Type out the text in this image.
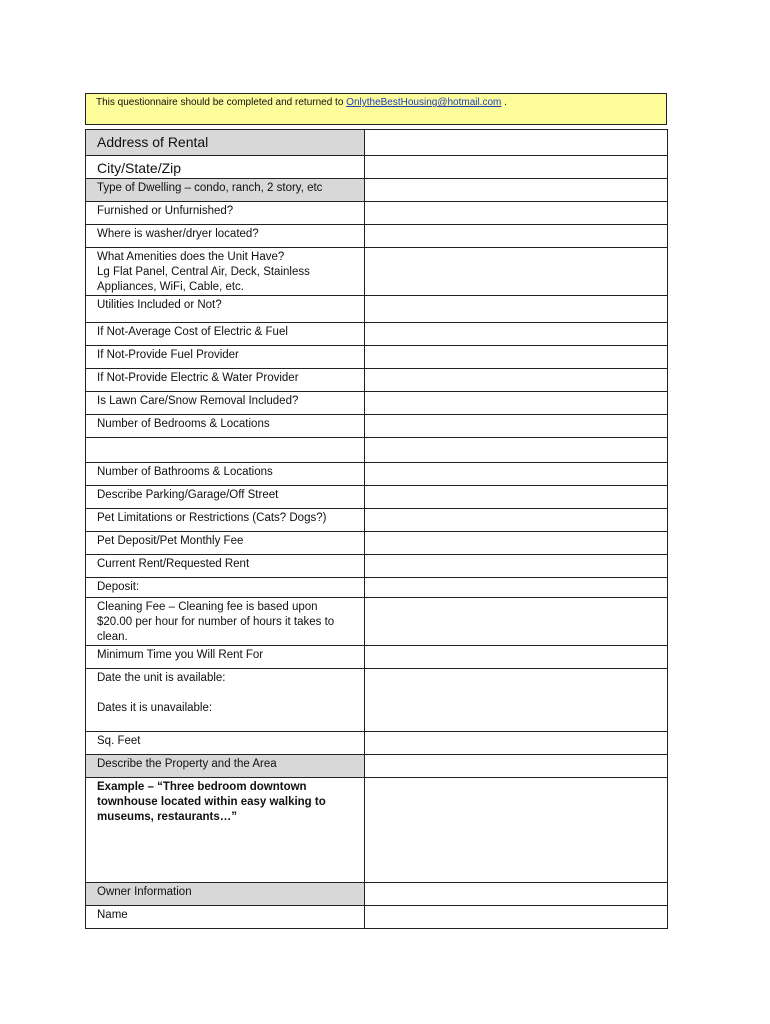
This questionnaire should be completed and returned to OnlytheBestHousing@hotmail.com .
Address of Rental	
City/State/Zip	
Type of Dwelling – condo, ranch, 2 story, etc	
Furnished or Unfurnished?	
Where is washer/dryer located?	
What Amenities does the Unit Have?
Lg Flat Panel, Central Air, Deck, Stainless Appliances, WiFi, Cable, etc.	
Utilities Included or Not?	
If Not-Average Cost of Electric & Fuel	
If Not-Provide Fuel Provider	
If Not-Provide Electric & Water Provider	
Is Lawn Care/Snow Removal Included?	
Number of Bedrooms & Locations	

Number of Bathrooms & Locations	
Describe Parking/Garage/Off Street	
Pet Limitations or Restrictions (Cats? Dogs?)	
Pet Deposit/Pet Monthly Fee	
Current Rent/Requested Rent	
Deposit:	
Cleaning Fee – Cleaning fee is based upon $20.00 per hour for number of hours it takes to clean.	
Minimum Time you Will Rent For	
Date the unit is available:

Dates it is unavailable:	
Sq. Feet	
Describe the Property and the Area	
Example – “Three bedroom downtown townhouse located within easy walking to museums, restaurants…”	
Owner Information	
Name	
